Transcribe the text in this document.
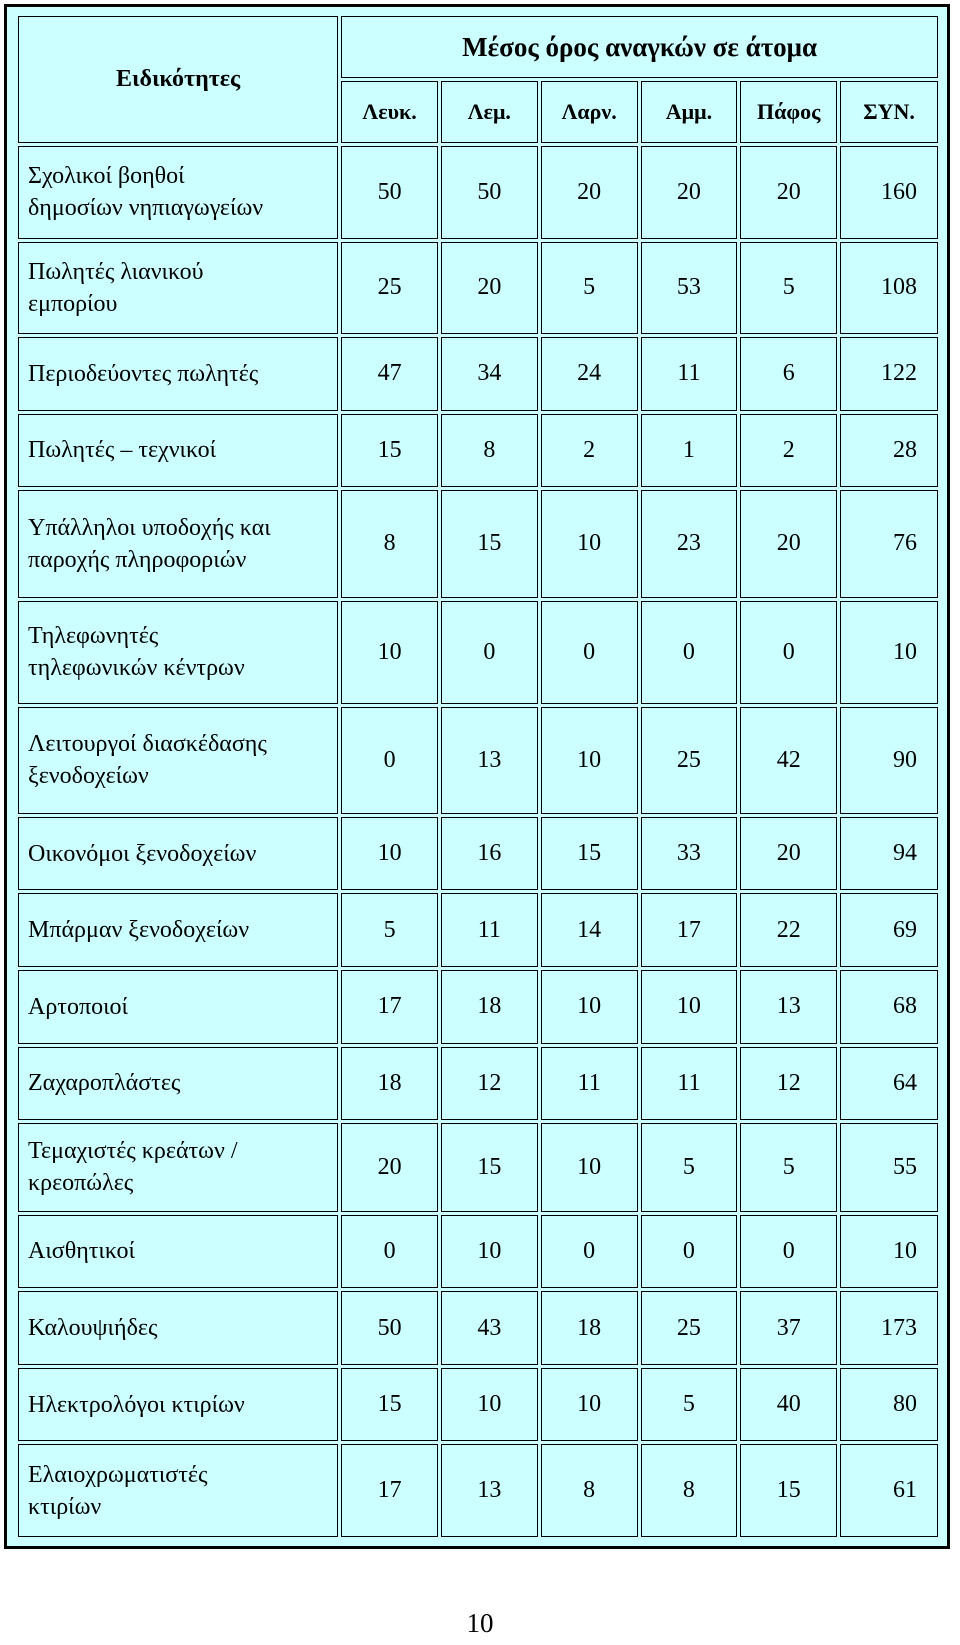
Ειδικότητες	Μέσος όρος αναγκών σε άτομα					
	Λευκ.	Λεμ.	Λαρν.	Αμμ.	Πάφος	ΣΥΝ.

Σχολικοί βοηθοί
δημοσίων νηπιαγωγείων	50	50	20	20	20	160

Πωλητές λιανικού
εμπορίου	25	20	5	53	5	108

Περιοδεύοντες πωλητές	47	34	24	11	6	122

Πωλητές – τεχνικοί	15	8	2	1	2	28

Υπάλληλοι υποδοχής και
παροχής πληροφοριών	8	15	10	23	20	76

Τηλεφωνητές
τηλεφωνικών κέντρων	10	0	0	0	0	10

Λειτουργοί διασκέδασης
ξενοδοχείων	0	13	10	25	42	90

Οικονόμοι ξενοδοχείων	10	16	15	33	20	94

Μπάρμαν ξενοδοχείων	5	11	14	17	22	69

Αρτοποιοί	17	18	10	10	13	68

Ζαχαροπλάστες	18	12	11	11	12	64

Τεμαχιστές κρεάτων /
κρεοπώλες	20	15	10	5	5	55

Αισθητικοί	0	10	0	0	0	10

Καλουψιήδες	50	43	18	25	37	173

Ηλεκτρολόγοι κτιρίων	15	10	10	5	40	80

Ελαιοχρωματιστές
κτιρίων	17	13	8	8	15	61
10
